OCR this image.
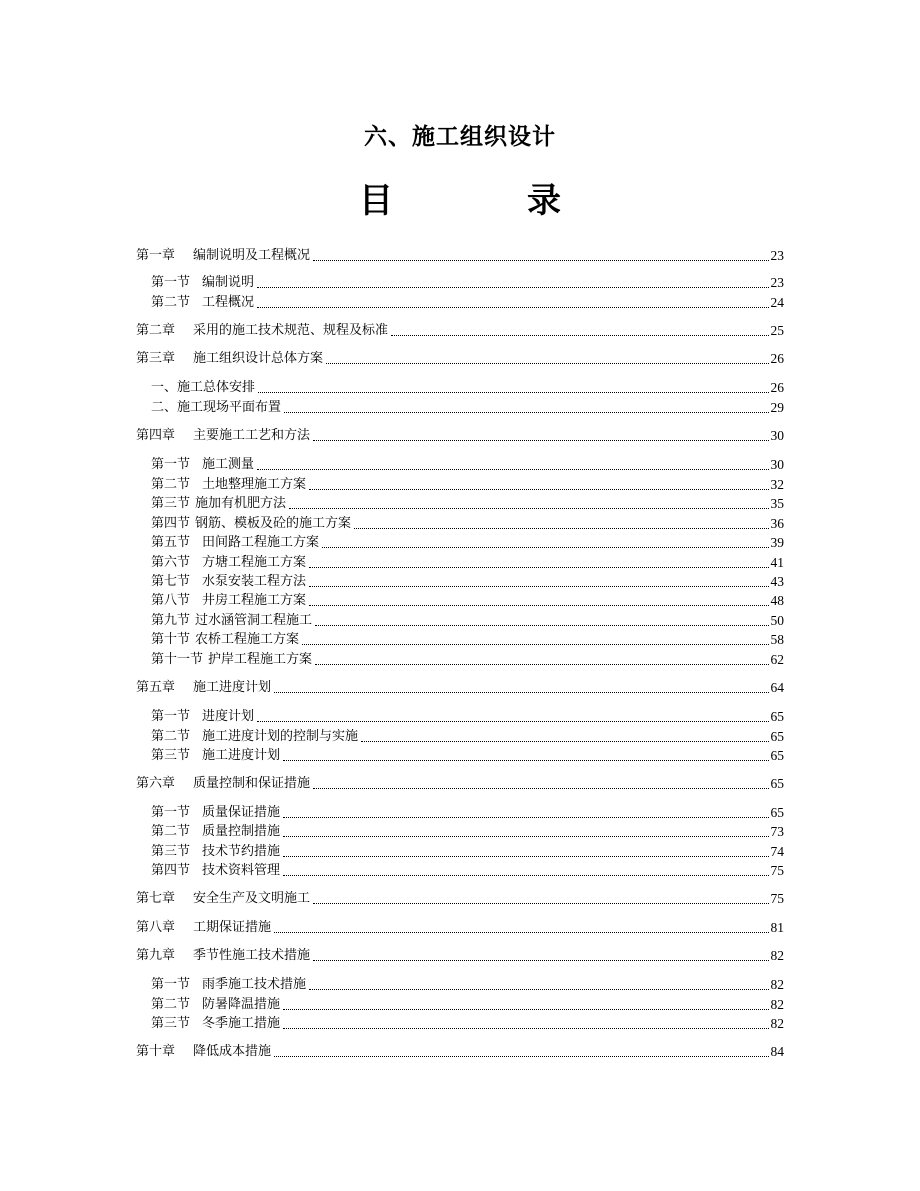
六、施工组织设计
目　录
第一章 编制说明及工程概况	23
第一节 编制说明	23
第二节 工程概况	24
第二章 采用的施工技术规范、规程及标准	25
第三章 施工组织设计总体方案	26
一、施工总体安排	26
二、施工现场平面布置	29
第四章 主要施工工艺和方法	30
第一节 施工测量	30
第二节 土地整理施工方案	32
第三节 施加有机肥方法	35
第四节 钢筋、模板及砼的施工方案	36
第五节 田间路工程施工方案	39
第六节 方塘工程施工方案	41
第七节 水泵安装工程方法	43
第八节 井房工程施工方案	48
第九节 过水涵管洞工程施工	50
第十节 农桥工程施工方案	58
第十一节 护岸工程施工方案	62
第五章 施工进度计划	64
第一节 进度计划	65
第二节 施工进度计划的控制与实施	65
第三节 施工进度计划	65
第六章 质量控制和保证措施	65
第一节 质量保证措施	65
第二节 质量控制措施	73
第三节 技术节约措施	74
第四节 技术资料管理	75
第七章 安全生产及文明施工	75
第八章 工期保证措施	81
第九章 季节性施工技术措施	82
第一节 雨季施工技术措施	82
第二节 防暑降温措施	82
第三节 冬季施工措施	82
第十章 降低成本措施	84
